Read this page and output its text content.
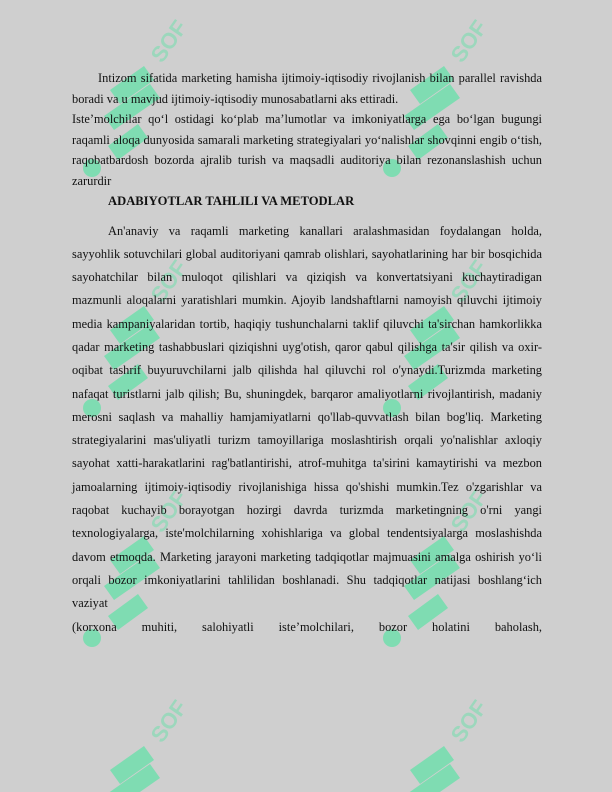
Intizom sifatida marketing hamisha ijtimoiy-iqtisodiy rivojlanish bilan parallel ravishda boradi va u mavjud ijtimoiy-iqtisodiy munosabatlarni aks ettiradi.

Iste’molchilar qo‘l ostidagi ko‘plab ma’lumotlar va imkoniyatlarga ega bo‘lgan bugungi raqamli aloqa dunyosida samarali marketing strategiyalari yo‘nalishlar shovqinni engib o‘tish, raqobatbardosh bozorda ajralib turish va maqsadli auditoriya bilan rezonanslashish uchun zarurdir

ADABIYOTLAR TAHLILI VA METODLAR

An'anaviy va raqamli marketing kanallari aralashmasidan foydalangan holda, sayyohlik sotuvchilari global auditoriyani qamrab olishlari, sayohatlarining har bir bosqichida sayohatchilar bilan muloqot qilishlari va qiziqish va konvertatsiyani kuchaytiradigan mazmunli aloqalarni yaratishlari mumkin. Ajoyib landshaftlarni namoyish qiluvchi ijtimoiy media kampaniyalaridan tortib, haqiqiy tushunchalarni taklif qiluvchi ta'sirchan hamkorlikka qadar marketing tashabbuslari qiziqishni uyg'otish, qaror qabul qilishga ta'sir qilish va oxir-oqibat tashrif buyuruvchilarni jalb qilishda hal qiluvchi rol o'ynaydi.Turizmda marketing nafaqat turistlarni jalb qilish; Bu, shuningdek, barqaror amaliyotlarni rivojlantirish, madaniy merosni saqlash va mahalliy hamjamiyatlarni qo'llab-quvvatlash bilan bog'liq. Marketing strategiyalarini mas'uliyatli turizm tamoyillariga moslashtirish orqali yo'nalishlar axloqiy sayohat xatti-harakatlarini rag'batlantirishi, atrof-muhitga ta'sirini kamaytirishi va mezbon jamoalarning ijtimoiy-iqtisodiy rivojlanishiga hissa qo'shishi mumkin.Tez o'zgarishlar va raqobat kuchayib borayotgan hozirgi davrda turizmda marketingning o'rni yangi texnologiyalarga, iste'molchilarning xohishlariga va global tendentsiyalarga moslashishda davom etmoqda. Marketing jarayoni marketing tadqiqotlar majmuasini amalga oshirish yo‘li orqali bozor imkoniyatlarini tahlilidan boshlanadi. Shu tadqiqotlar natijasi boshlang‘ich vaziyat
(korxona muhiti, salohiyatli iste’molchilari, bozor holatini baholash,
